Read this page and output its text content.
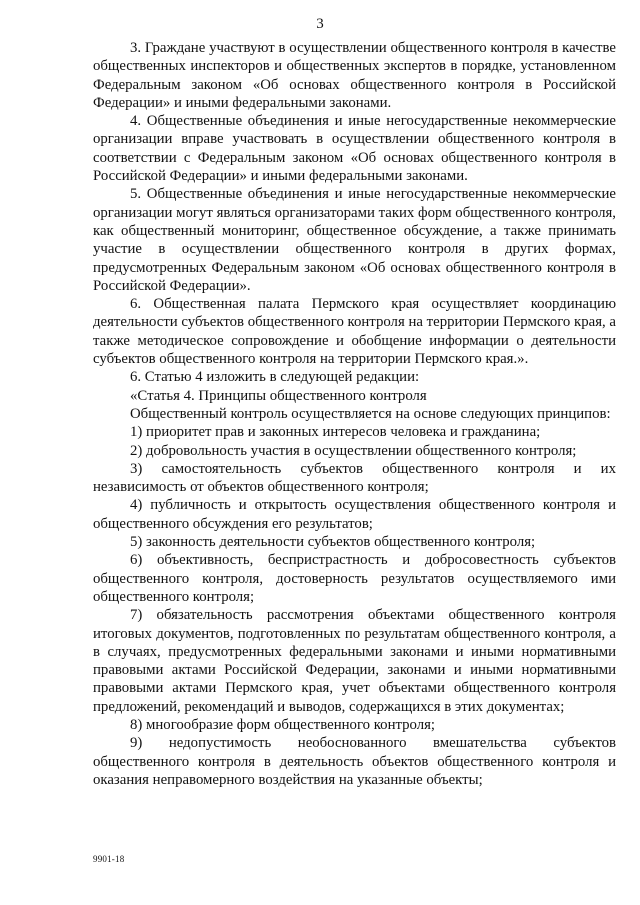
3

3. Граждане участвуют в осуществлении общественного контроля в качестве общественных инспекторов и общественных экспертов в порядке, установленном Федеральным законом «Об основах общественного контроля в Российской Федерации» и иными федеральными законами.

4. Общественные объединения и иные негосударственные некоммерческие организации вправе участвовать в осуществлении общественного контроля в соответствии с Федеральным законом «Об основах общественного контроля в Российской Федерации» и иными федеральными законами.

5. Общественные объединения и иные негосударственные некоммерческие организации могут являться организаторами таких форм общественного контроля, как общественный мониторинг, общественное обсуждение, а также принимать участие в осуществлении общественного контроля в других формах, предусмотренных Федеральным законом «Об основах общественного контроля в Российской Федерации».

6. Общественная палата Пермского края осуществляет координацию деятельности субъектов общественного контроля на территории Пермского края, а также методическое сопровождение и обобщение информации о деятельности субъектов общественного контроля на территории Пермского края.».

6. Статью 4 изложить в следующей редакции:

«Статья 4. Принципы общественного контроля

Общественный контроль осуществляется на основе следующих принципов:

1) приоритет прав и законных интересов человека и гражданина;

2) добровольность участия в осуществлении общественного контроля;

3) самостоятельность субъектов общественного контроля и их независимость от объектов общественного контроля;

4) публичность и открытость осуществления общественного контроля и общественного обсуждения его результатов;

5) законность деятельности субъектов общественного контроля;

6) объективность, беспристрастность и добросовестность субъектов общественного контроля, достоверность результатов осуществляемого ими общественного контроля;

7) обязательность рассмотрения объектами общественного контроля итоговых документов, подготовленных по результатам общественного контроля, а в случаях, предусмотренных федеральными законами и иными нормативными правовыми актами Российской Федерации, законами и иными нормативными правовыми актами Пермского края, учет объектами общественного контроля предложений, рекомендаций и выводов, содержащихся в этих документах;

8) многообразие форм общественного контроля;

9) недопустимость необоснованного вмешательства субъектов общественного контроля в деятельность объектов общественного контроля и оказания неправомерного воздействия на указанные объекты;

9901-18
